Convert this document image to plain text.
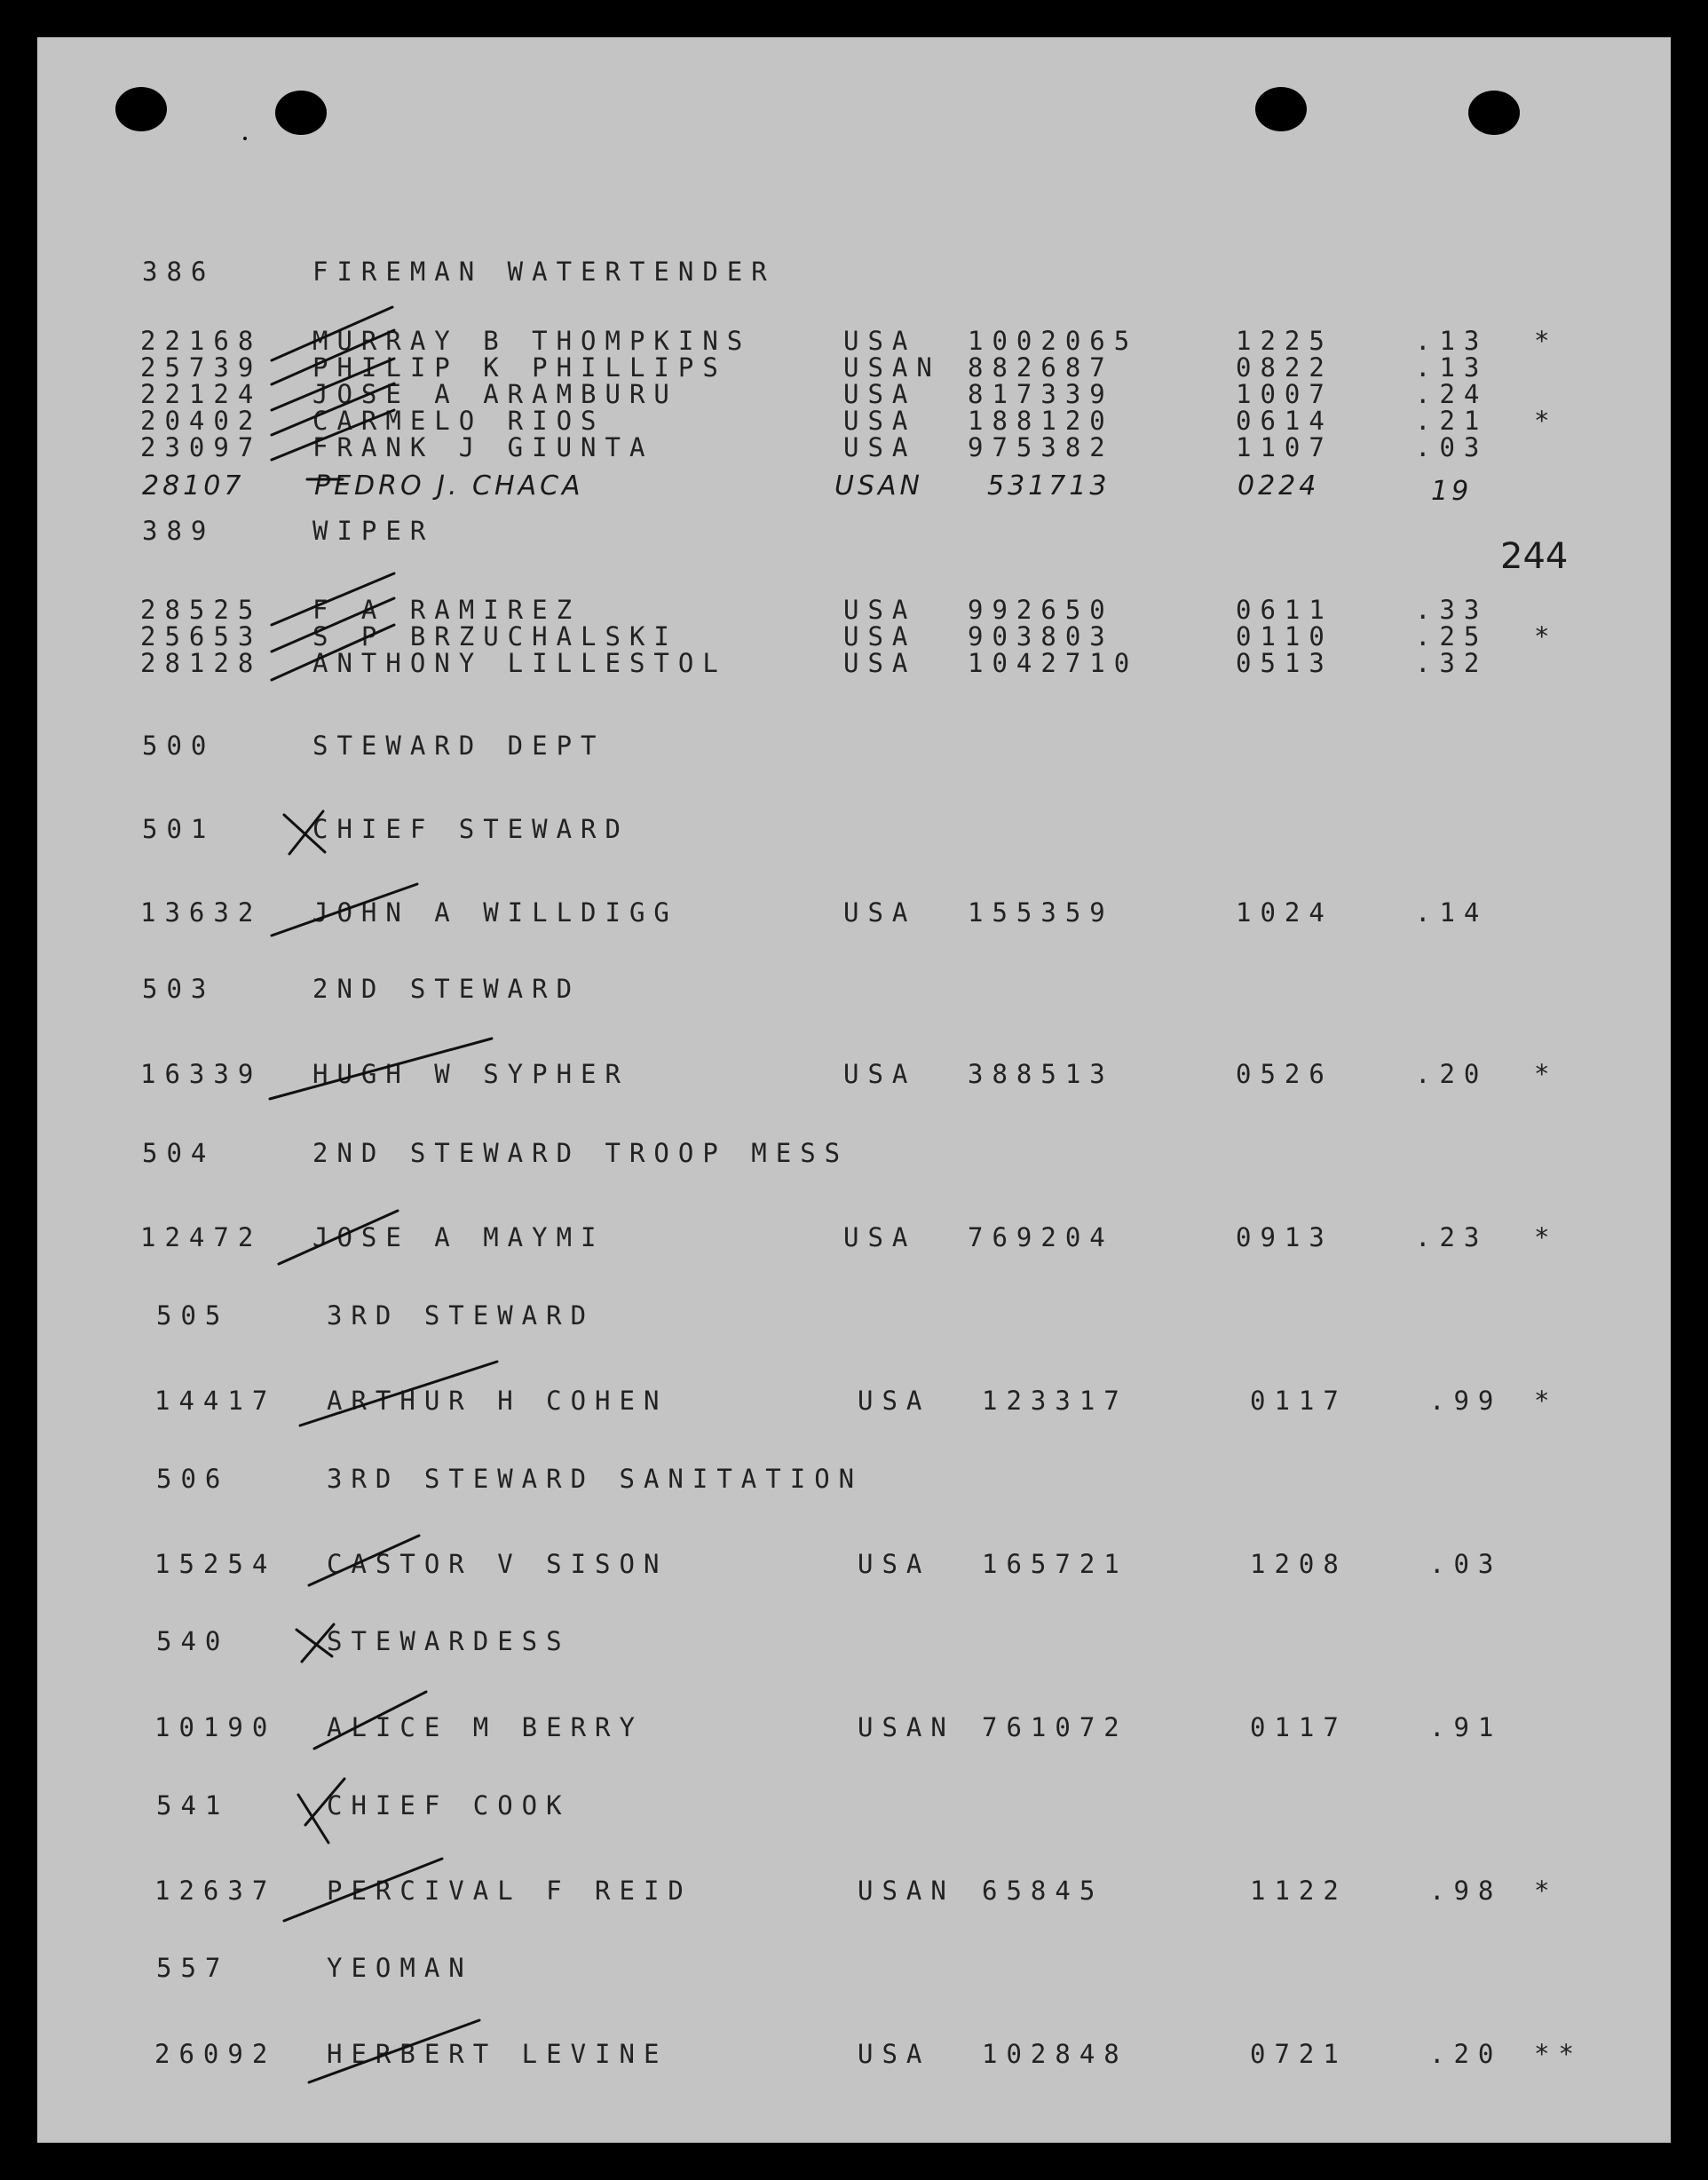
244
386	FIREMAN WATERTENDER
22168 MURRAY B THOMPKINS	USA 1002065	1225	.13 *
25739 PHILIP K PHILLIPS	USAN 882687	0822	.13
22124 JOSE A ARAMBURU	USA 817339	1007	.24
20402 CARMELO RIOS	USA 188120	0614	.21 *
23097 FRANK J GIUNTA	USA 975382	1107	.03
28107	PEDRO J. CHACA	USAN 531713	0224	19
389	WIPER
28525 F A RAMIREZ	USA 992650	0611	.33
25653 S P BRZUCHALSKI	USA 903803	0110	.25 *
28128 ANTHONY LILLESTOL	USA 1042710	0513	.32
500	STEWARD DEPT
501	CHIEF STEWARD
13632 JOHN A WILLDIGG	USA 155359	1024	.14
503	2ND STEWARD
16339 HUGH W SYPHER	USA 388513	0526	.20 *
504	2ND STEWARD TROOP MESS
12472 JOSE A MAYMI	USA 769204	0913	.23 *
505	3RD STEWARD
14417 ARTHUR H COHEN	USA 123317	0117	.99 *
506	3RD STEWARD SANITATION
15254 CASTOR V SISON	USA 165721	1208	.03
540	STEWARDESS
10190 ALICE M BERRY	USAN 761072	0117	.91
541	CHIEF COOK
12637 PERCIVAL F REID	USAN 65845	1122	.98 *
557	YEOMAN
26092 HERBERT LEVINE	USA 102848	0721	.20 **
